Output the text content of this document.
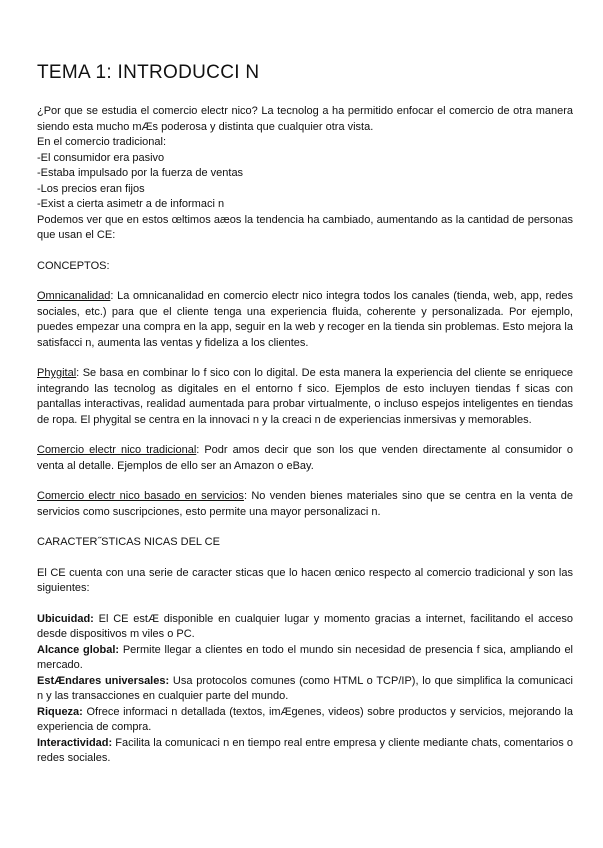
TEMA 1: INTRODUCCI N

¿Por que se estudia el comercio electr nico? La tecnolog a ha permitido enfocar el comercio de otra manera siendo esta mucho mÆs poderosa y distinta que cualquier otra vista.

En el comercio tradicional:

-El consumidor era pasivo

-Estaba impulsado por la fuerza de ventas

-Los precios eran fijos

-Exist a cierta asimetr a de informaci n

Podemos ver que en estos œltimos aæos la tendencia ha cambiado, aumentando as la cantidad de personas que usan el CE:

CONCEPTOS:

Omnicanalidad: La omnicanalidad en comercio electr nico integra todos los canales (tienda, web, app, redes sociales, etc.) para que el cliente tenga una experiencia fluida, coherente y personalizada. Por ejemplo, puedes empezar una compra en la app, seguir en la web y recoger en la tienda sin problemas. Esto mejora la satisfacci n, aumenta las ventas y fideliza a los clientes.

Phygital: Se basa en combinar lo f sico con lo digital. De esta manera la experiencia del cliente se enriquece integrando las tecnolog as digitales en el entorno f sico. Ejemplos de esto incluyen tiendas f sicas con pantallas interactivas, realidad aumentada para probar virtualmente, o incluso espejos inteligentes en tiendas de ropa. El phygital se centra en la innovaci n y la creaci n de experiencias inmersivas y memorables.

Comercio electr nico tradicional: Podr amos decir que son los que venden directamente al consumidor o venta al detalle. Ejemplos de ello ser an Amazon o eBay.

Comercio electr nico basado en servicios: No venden bienes materiales sino que se centra en la venta de servicios como suscripciones, esto permite una mayor personalizaci n.

CARACTER˝STICAS NICAS DEL CE

El CE cuenta con una serie de caracter sticas que lo hacen œnico respecto al comercio tradicional y son las siguientes:

Ubicuidad: El CE estÆ disponible en cualquier lugar y momento gracias a internet, facilitando el acceso desde dispositivos m viles o PC.

Alcance global: Permite llegar a clientes en todo el mundo sin necesidad de presencia f sica, ampliando el mercado.

EstÆndares universales: Usa protocolos comunes (como HTML o TCP/IP), lo que simplifica la comunicaci n y las transacciones en cualquier parte del mundo.

Riqueza: Ofrece informaci n detallada (textos, imÆgenes, videos) sobre productos y servicios, mejorando la experiencia de compra.

Interactividad: Facilita la comunicaci n en tiempo real entre empresa y cliente mediante chats, comentarios o redes sociales.
